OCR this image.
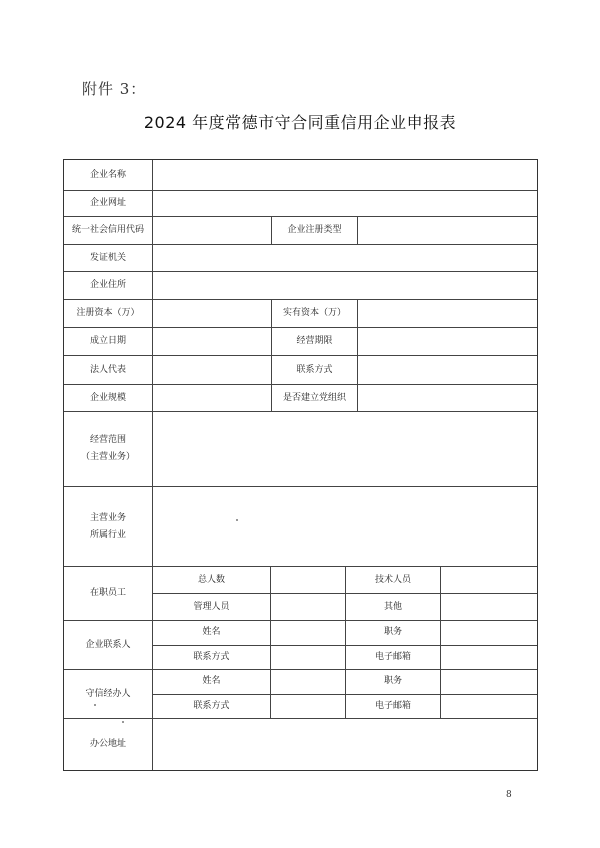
附件 3：
2024 年度常德市守合同重信用企业申报表
企业名称
企业网址
统一社会信用代码	企业注册类型
发证机关
企业住所
注册资本（万）	实有资本（万）
成立日期	经营期限
法人代表	联系方式
企业规模	是否建立党组织
经营范围
（主营业务）
主营业务
所属行业
在职员工
总人数	技术人员
管理人员	其他
企业联系人
姓名	职务
联系方式	电子邮箱
守信经办人
姓名	职务
联系方式	电子邮箱
办公地址
8
